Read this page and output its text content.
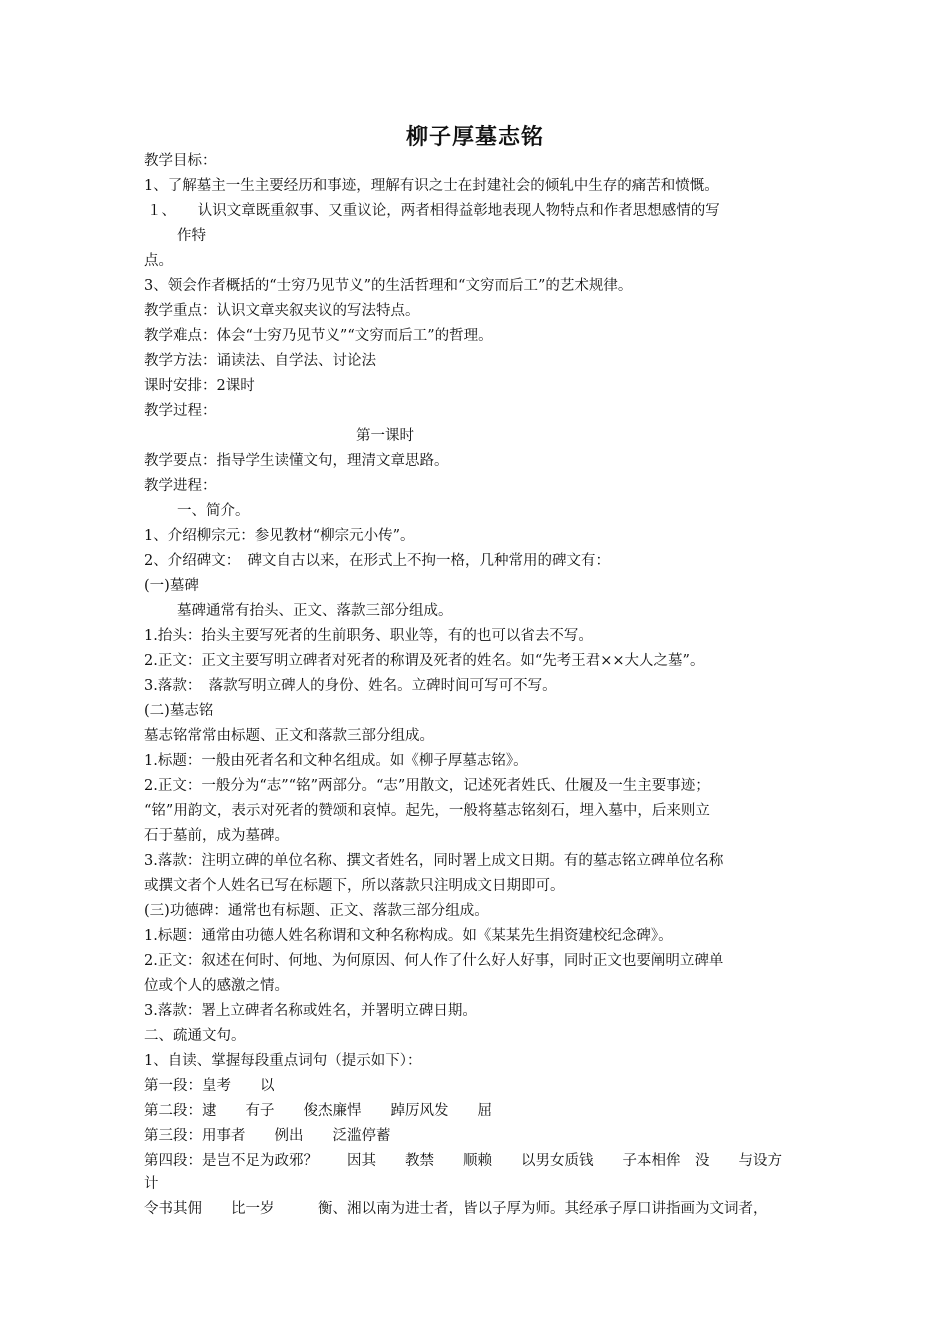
柳子厚墓志铭
教学目标：
1、了解墓主一生主要经历和事迹，理解有识之士在封建社会的倾轧中生存的痛苦和愤慨。
１、　　认识文章既重叙事、又重议论，两者相得益彰地表现人物特点和作者思想感情的写
作特
点。
3、领会作者概括的“士穷乃见节义”的生活哲理和“文穷而后工”的艺术规律。
教学重点：认识文章夹叙夹议的写法特点。
教学难点：体会“士穷乃见节义”“文穷而后工”的哲理。
教学方法：诵读法、自学法、讨论法
课时安排：2课时
教学过程：
第一课时
教学要点：指导学生读懂文句，理清文章思路。
教学进程：
一、简介。
1、介绍柳宗元：参见教材“柳宗元小传”。
2、介绍碑文：　碑文自古以来，在形式上不拘一格，几种常用的碑文有：
(一)墓碑
墓碑通常有抬头、正文、落款三部分组成。
1.抬头：抬头主要写死者的生前职务、职业等，有的也可以省去不写。
2.正文：正文主要写明立碑者对死者的称谓及死者的姓名。如“先考王君××大人之墓”。
3.落款：　落款写明立碑人的身份、姓名。立碑时间可写可不写。
(二)墓志铭
墓志铭常常由标题、正文和落款三部分组成。
1.标题：一般由死者名和文种名组成。如《柳子厚墓志铭》。
2.正文：一般分为“志”“铭”两部分。“志”用散文，记述死者姓氏、仕履及一生主要事迹；
“铭”用韵文，表示对死者的赞颂和哀悼。起先，一般将墓志铭刻石，埋入墓中，后来则立
石于墓前，成为墓碑。
3.落款：注明立碑的单位名称、撰文者姓名，同时署上成文日期。有的墓志铭立碑单位名称
或撰文者个人姓名已写在标题下，所以落款只注明成文日期即可。
(三)功德碑：通常也有标题、正文、落款三部分组成。
1.标题：通常由功德人姓名称谓和文种名称构成。如《某某先生捐资建校纪念碑》。
2.正文：叙述在何时、何地、为何原因、何人作了什么好人好事，同时正文也要阐明立碑单
位或个人的感激之情。
3.落款：署上立碑者名称或姓名，并署明立碑日期。
二、疏通文句。
1、自读、掌握每段重点词句（提示如下）：
第一段：皇考　　以
第二段：逮　　有子　　俊杰廉悍　　踔厉风发　　屈
第三段：用事者　　例出　　泛滥停蓄
第四段：是岂不足为政邪？　　因其　　教禁　　顺赖　　以男女质钱　　子本相侔　没　　与设方
计
令书其佣　　比一岁　　　衡、湘以南为进士者，皆以子厚为师。其经承子厚口讲指画为文词者，
